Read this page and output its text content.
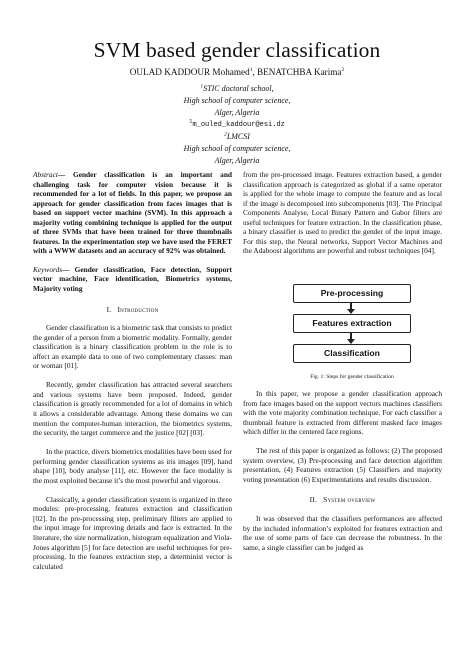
SVM based gender classification
OULAD KADDOUR Mohamed$^1$, BENATCHBA Karima$^2$
$^1$STIC doctoral school,
High school of computer science,
Alger, Algeria
$^1$m_ouled_kaddour@esi.dz
$^2$LMCSI
High school of computer science,
Alger, Algeria

Abstract— Gender classification is an important and challenging task for computer vision because it is recommended for a lot of fields. In this paper, we propose an approach for gender classification from faces images that is based on support vector machine (SVM). In this approach a majority voting combining technique is applied for the output of three SVMs that have been trained for three thumbnails features. In the experimentation step we have used the FERET with a WWW datasets and an accuracy of 92% was obtained.

Keywords— Gender classification, Face detection, Support vector machine, Face identification, Biometrics systems, Majority voting

I. Introduction

Gender classification is a biometric task that consists to predict the gender of a person from a biometric modality. Formally, gender classification is a binary classification problem in the role is to affect an example data to one of two complementary classes: man or woman [01].

Recently, gender classification has attracted several searchers and various systems have been proposed. Indeed, gender classification is greatly recommended for a lot of domains in which it allows a considerable advantage. Among these domains we can mention the computer-human interaction, the biometrics systems, the security, the target commerce and the justice [02] [03].

In the practice, divers biometrics modalities have been used for performing gender classification systems as iris images [09], hand shape [10], body analyse [11], etc. However the face modality is the most exploited because it’s the most powerful and vigorous.

Classically, a gender classification system is organized in three modules: pre-processing, features extraction and classification [02]. In the pre-processing step, preliminary filters are applied to the input image for improving details and face is extracted. In the literature, the size normalization, histogram equalization and Viola-Jones algorithm [5] for face detection are useful techniques for pre-processing. In the features extraction step, a determinist vector is calculated

from the pre-processed image. Features extraction based, a gender classification approach is categorized as global if a same operator is applied for the whole image to compute the feature and as local if the image is decomposed into subcomponents [03]. The Principal Components Analyse, Local Binary Pattern and Gabor filters are useful techniques for feature extraction. In the classification phase, a binary classifier is used to predict the gender of the input image. For this step, the Neural networks, Support Vector Machines and the Adaboost algorithms are powerful and robust techniques [04].

Pre-processing
Features extraction
Classification
Fig. 1: Steps for gender classification

In this paper, we propose a gender classification approach from face images based on the support vectors machines classifiers with the vote majority combination technique. For each classifier a thumbnail feature is extracted from different masked face images which differ in the centered face regions.

The rest of this paper is organized as follows: (2) The proposed system overview, (3) Pre-processing and face detection algorithm presentation, (4) Features extraction (5) Classifiers and majority voting presentation (6) Experimentations and results discussion.

II. System overview

It was observed that the classifiers performances are affected by the included information’s exploited for features extraction and the use of some parts of face can decrease the robustness. In the same, a single classifier can be judged as
